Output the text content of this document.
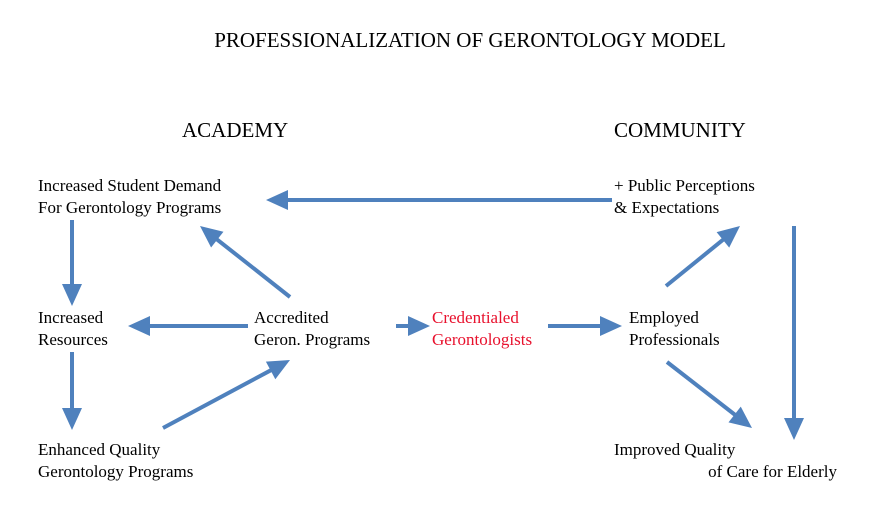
PROFESSIONALIZATION OF GERONTOLOGY MODEL
ACADEMY	COMMUNITY
Increased Student Demand
For Gerontology Programs
Increased
Resources
Enhanced Quality
Gerontology Programs
Accredited
Geron. Programs
Credentialed
Gerontologists
Employed
Professionals
+ Public Perceptions
& Expectations
Improved Quality
of Care for Elderly
